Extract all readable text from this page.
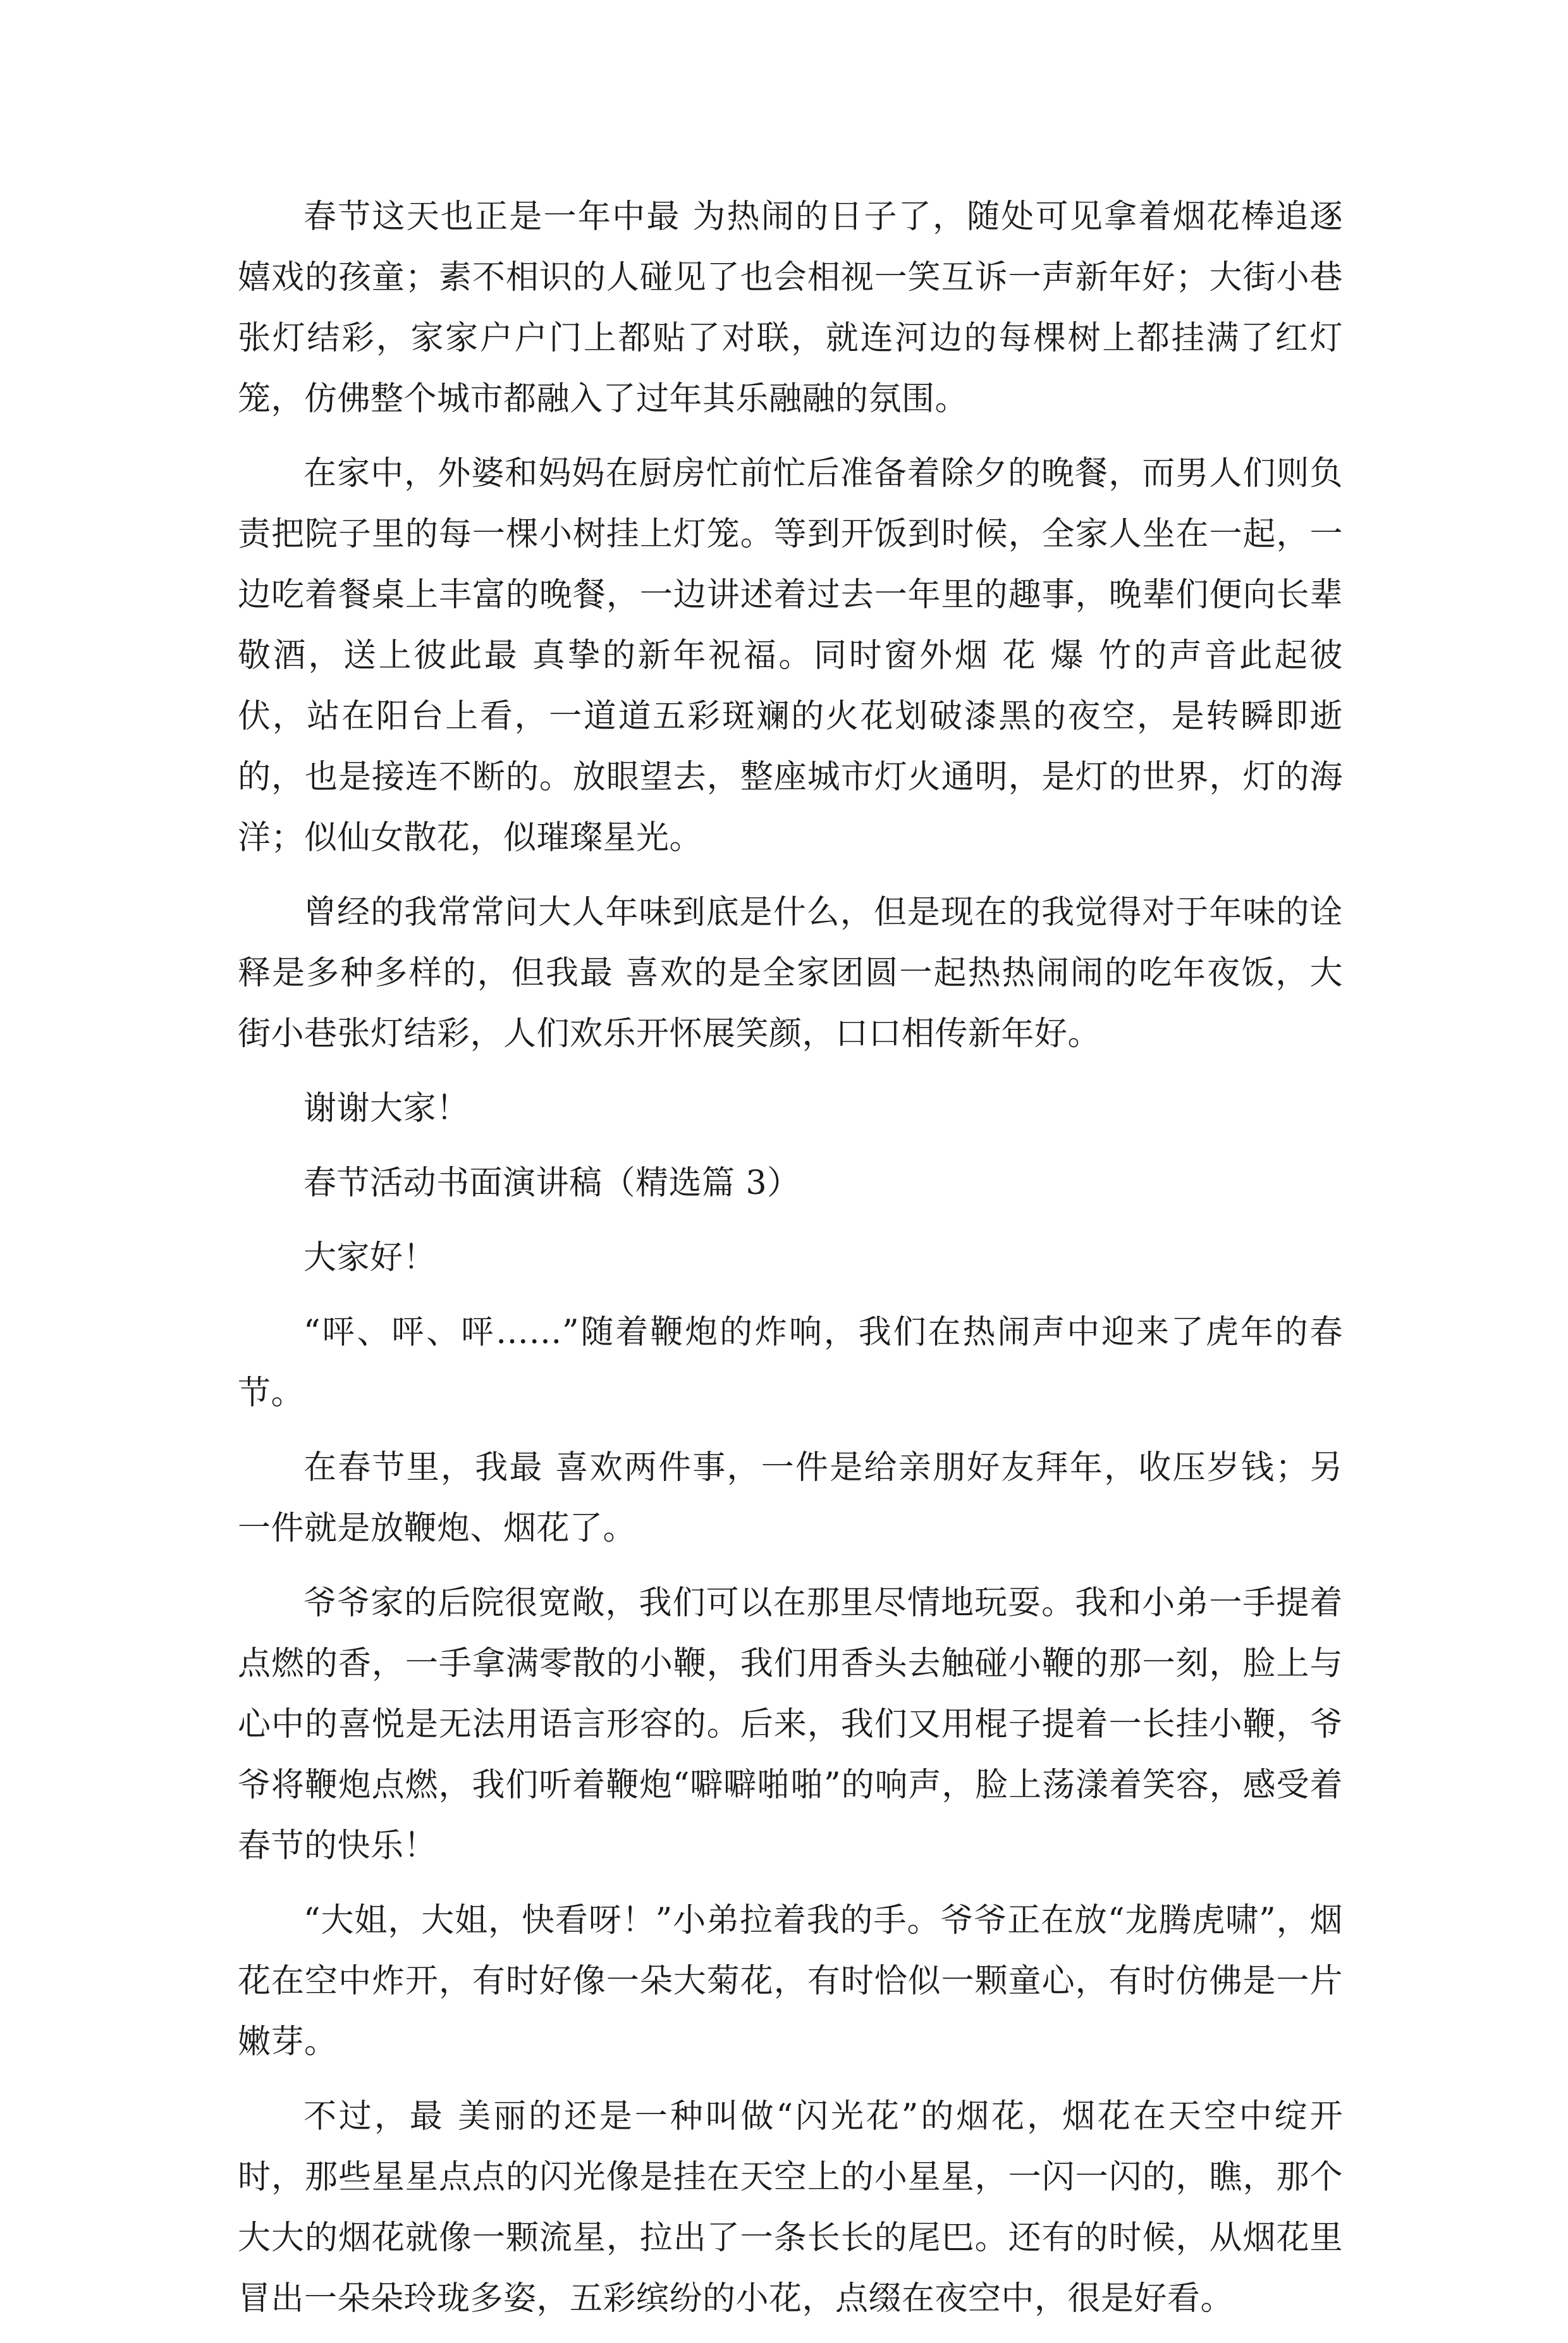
春节这天也正是一年中最 为热闹的日子了，随处可见拿着烟花棒追逐嬉戏的孩童；素不相识的人碰见了也会相视一笑互诉一声新年好；大街小巷张灯结彩，家家户户门上都贴了对联，就连河边的每棵树上都挂满了红灯笼，仿佛整个城市都融入了过年其乐融融的氛围。

在家中，外婆和妈妈在厨房忙前忙后准备着除夕的晚餐，而男人们则负责把院子里的每一棵小树挂上灯笼。等到开饭到时候，全家人坐在一起，一边吃着餐桌上丰富的晚餐，一边讲述着过去一年里的趣事，晚辈们便向长辈敬酒，送上彼此最 真挚的新年祝福。同时窗外烟 花 爆 竹的声音此起彼伏，站在阳台上看，一道道五彩斑斓的火花划破漆黑的夜空，是转瞬即逝的，也是接连不断的。放眼望去，整座城市灯火通明，是灯的世界，灯的海洋；似仙女散花，似璀璨星光。

曾经的我常常问大人年味到底是什么，但是现在的我觉得对于年味的诠释是多种多样的，但我最 喜欢的是全家团圆一起热热闹闹的吃年夜饭，大街小巷张灯结彩，人们欢乐开怀展笑颜，口口相传新年好。

谢谢大家！

春节活动书面演讲稿（精选篇 3）

大家好！

“呯、呯、呯……”随着鞭炮的炸响，我们在热闹声中迎来了虎年的春节。

在春节里，我最 喜欢两件事，一件是给亲朋好友拜年，收压岁钱；另一件就是放鞭炮、烟花了。

爷爷家的后院很宽敞，我们可以在那里尽情地玩耍。我和小弟一手提着点燃的香，一手拿满零散的小鞭，我们用香头去触碰小鞭的那一刻，脸上与心中的喜悦是无法用语言形容的。后来，我们又用棍子提着一长挂小鞭，爷爷将鞭炮点燃，我们听着鞭炮“噼噼啪啪”的响声，脸上荡漾着笑容，感受着春节的快乐！

“大姐，大姐，快看呀！”小弟拉着我的手。爷爷正在放“龙腾虎啸”，烟花在空中炸开，有时好像一朵大菊花，有时恰似一颗童心，有时仿佛是一片嫩芽。

不过，最 美丽的还是一种叫做“闪光花”的烟花，烟花在天空中绽开时，那些星星点点的闪光像是挂在天空上的小星星，一闪一闪的，瞧，那个大大的烟花就像一颗流星，拉出了一条长长的尾巴。还有的时候，从烟花里冒出一朵朵玲珑多姿，五彩缤纷的小花，点缀在夜空中，很是好看。
